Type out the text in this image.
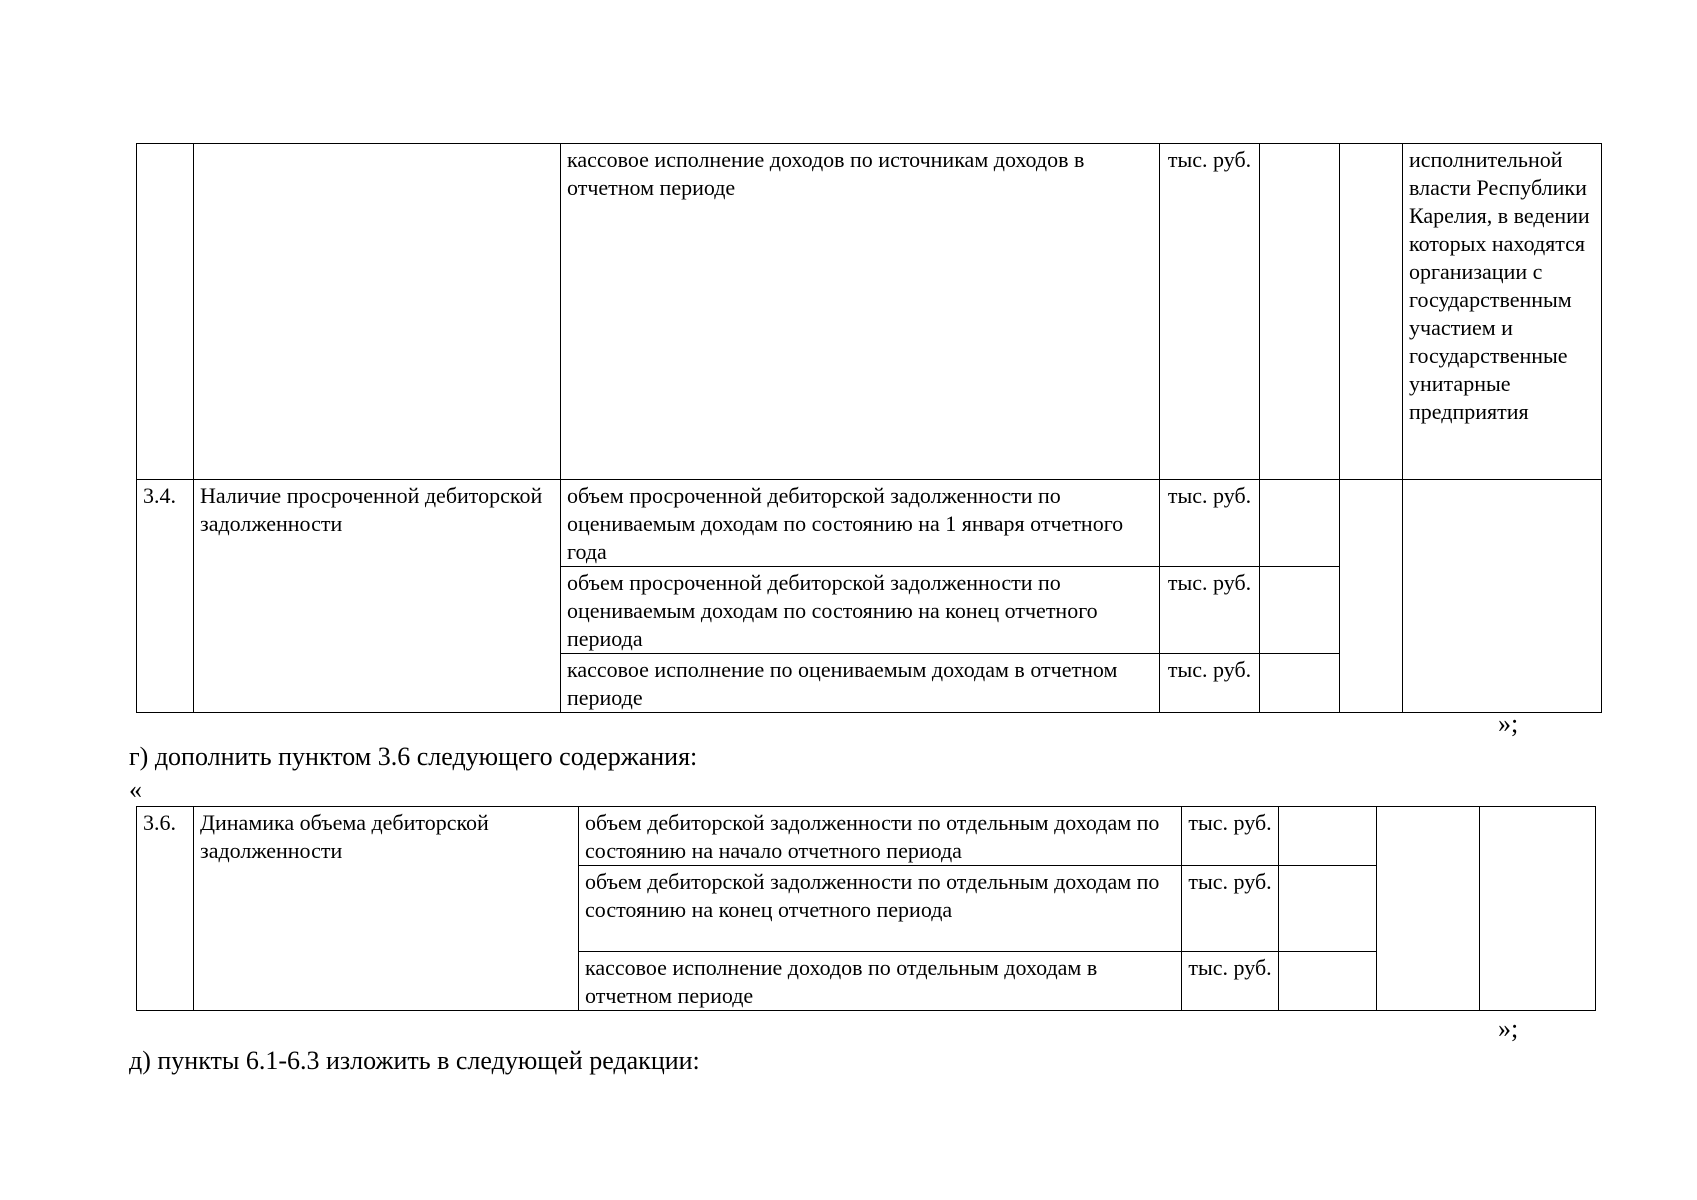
		кассовое исполнение доходов по источникам доходов в отчетном периоде	тыс. руб.			исполнительной власти Республики Карелия, в ведении которых находятся организации с государственным участием и государственные унитарные предприятия
3.4.	Наличие просроченной дебиторской задолженности	объем просроченной дебиторской задолженности по оцениваемым доходам по состоянию на 1 января отчетного года	тыс. руб.			
		объем просроченной дебиторской задолженности по оцениваемым доходам по состоянию на конец отчетного периода	тыс. руб.			
		кассовое исполнение по оцениваемым доходам в отчетном периоде	тыс. руб.			
»;
г) дополнить пунктом 3.6 следующего содержания:
«
3.6.	Динамика объема дебиторской задолженности	объем дебиторской задолженности по отдельным доходам по состоянию на начало отчетного периода	тыс. руб.			
		объем дебиторской задолженности по отдельным доходам по состоянию на конец отчетного периода	тыс. руб.			
		кассовое исполнение доходов по отдельным доходам в отчетном периоде	тыс. руб.			
»;
д) пункты 6.1-6.3 изложить в следующей редакции:
